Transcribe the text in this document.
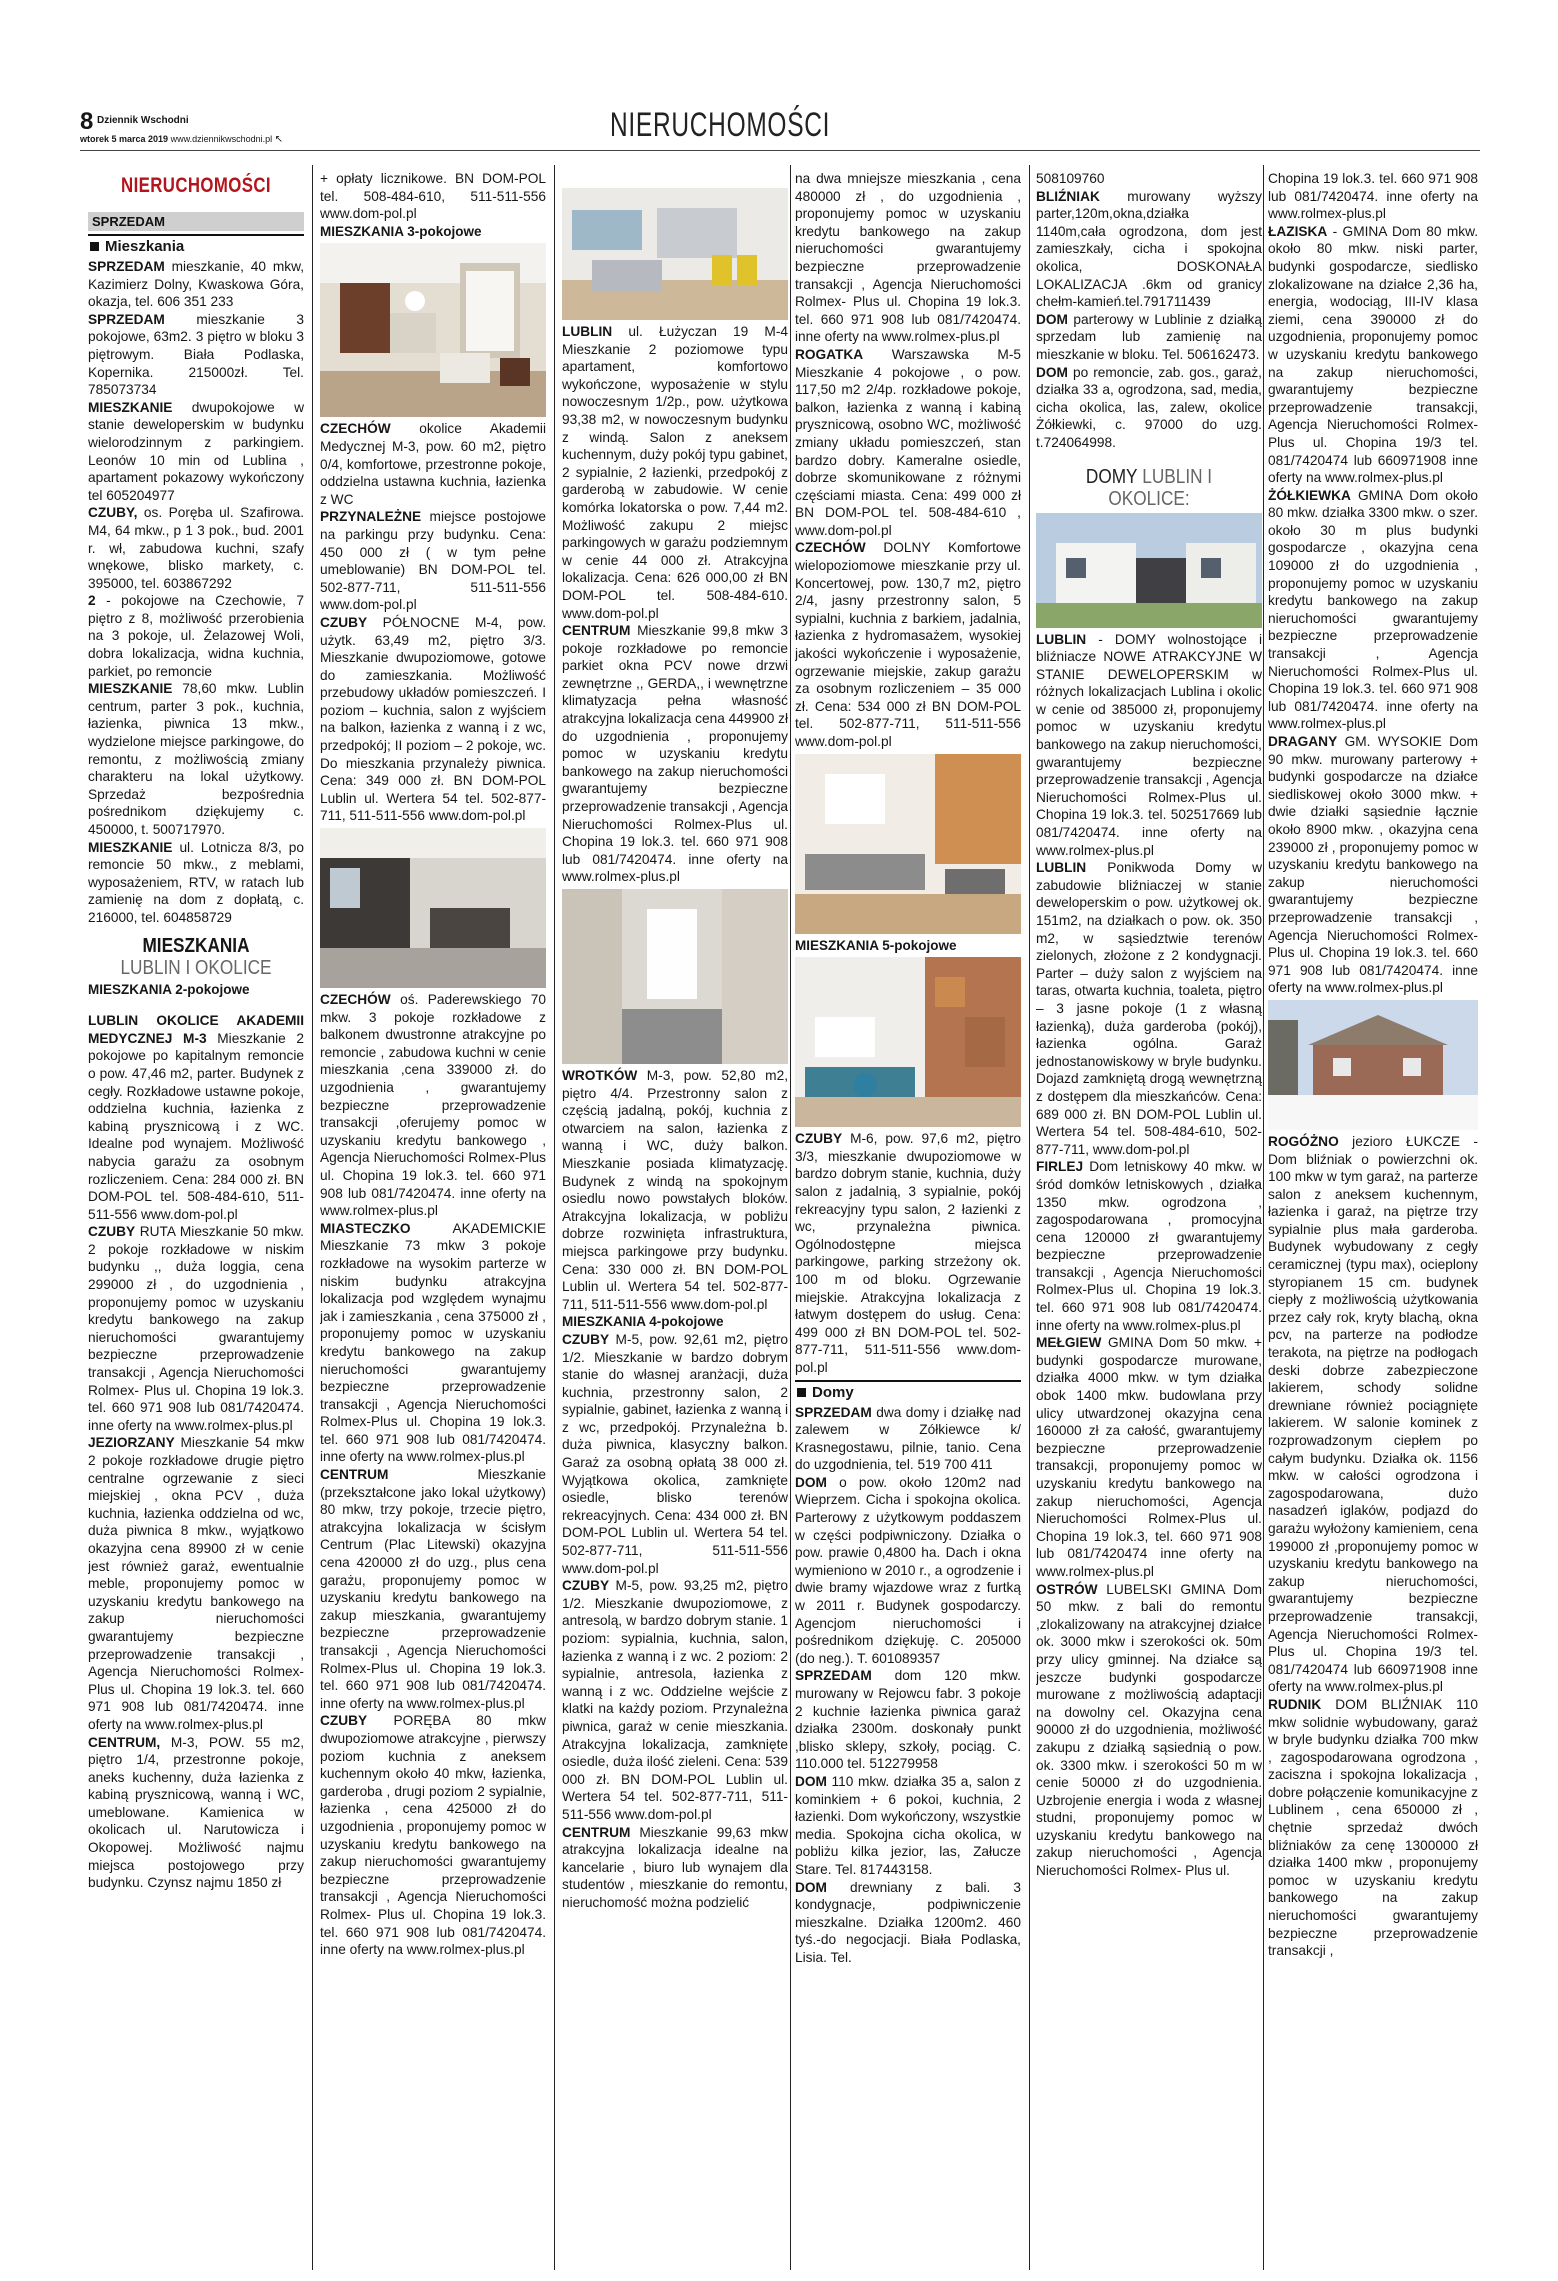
8 Dziennik Wschodni
wtorek 5 marca 2019 www.dziennikwschodni.pl ↖	NIERUCHOMOŚCI
NIERUCHOMOŚCI
SPRZEDAM
Mieszkania
SPRZEDAM mieszkanie, 40 mkw, Kazimierz Dolny, Kwaskowa Góra, okazja, tel. 606 351 233
SPRZEDAM mieszkanie 3 pokojowe, 63m2. 3 piętro w bloku 3 piętrowym. Biała Podlaska, Kopernika. 215000zł. Tel. 785073734
MIESZKANIE dwupokojowe w stanie deweloperskim w budynku wielorodzinnym z parkingiem. Leonów 10 min od Lublina , apartament pokazowy wykończony tel 605204977
CZUBY, os. Poręba ul. Szafirowa. M4, 64 mkw., p 1 3 pok., bud. 2001 r. wł, zabudowa kuchni, szafy wnękowe, blisko markety, c. 395000, tel. 603867292
2 - pokojowe na Czechowie, 7 piętro z 8, możliwość przerobienia na 3 pokoje, ul. Żelazowej Woli, dobra lokalizacja, widna kuchnia, parkiet, po remoncie
MIESZKANIE 78,60 mkw. Lublin centrum, parter 3 pok., kuchnia, łazienka, piwnica 13 mkw., wydzielone miejsce parkingowe, do remontu, z możliwością zmiany charakteru na lokal użytkowy. Sprzedaż bezpośrednia pośrednikom dziękujemy c. 450000, t. 500717970.
MIESZKANIE ul. Lotnicza 8/3, po remoncie 50 mkw., z meblami, wyposażeniem, RTV, w ratach lub zamienię na dom z dopłatą, c. 216000, tel. 604858729
MIESZKANIA
LUBLIN I OKOLICE
MIESZKANIA 2-pokojowe
LUBLIN OKOLICE AKADEMII MEDYCZNEJ M-3 Mieszkanie 2 pokojowe po kapitalnym remoncie o pow. 47,46 m2, parter. Budynek z cegły. Rozkładowe ustawne pokoje, oddzielna kuchnia, łazienka z kabiną prysznicową i z WC. Idealne pod wynajem. Możliwość nabycia garażu za osobnym rozliczeniem. Cena: 284 000 zł. BN DOM-POL tel. 508-484-610, 511-511-556 www.dom-pol.pl
CZUBY RUTA Mieszkanie 50 mkw. 2 pokoje rozkładowe w niskim budynku ,, duża loggia, cena 299000 zł , do uzgodnienia , proponujemy pomoc w uzyskaniu kredytu bankowego na zakup nieruchomości gwarantujemy bezpieczne przeprowadzenie transakcji , Agencja Nieruchomości Rolmex- Plus ul. Chopina 19 lok.3. tel. 660 971 908 lub 081/7420474. inne oferty na www.rolmex-plus.pl
JEZIORZANY Mieszkanie 54 mkw 2 pokoje rozkładowe drugie piętro centralne ogrzewanie z sieci miejskiej , okna PCV , duża kuchnia, łazienka oddzielna od wc, duża piwnica 8 mkw., wyjątkowo okazyjna cena 89900 zł w cenie jest również garaż, ewentualnie meble, proponujemy pomoc w uzyskaniu kredytu bankowego na zakup nieruchomości gwarantujemy bezpieczne przeprowadzenie transakcji , Agencja Nieruchomości Rolmex- Plus ul. Chopina 19 lok.3. tel. 660 971 908 lub 081/7420474. inne oferty na www.rolmex-plus.pl
CENTRUM, M-3, POW. 55 m2, piętro 1/4, przestronne pokoje, aneks kuchenny, duża łazienka z kabiną prysznicową, wanną i WC, umeblowane. Kamienica w okolicach ul. Narutowicza i Okopowej. Możliwość najmu miejsca postojowego przy budynku. Czynsz najmu 1850 zł
+ opłaty licznikowe. BN DOM-POL tel. 508-484-610, 511-511-556 www.dom-pol.pl
MIESZKANIA 3-pokojowe
CZECHÓW okolice Akademii Medycznej M-3, pow. 60 m2, piętro 0/4, komfortowe, przestronne pokoje, oddzielna ustawna kuchnia, łazienka z WC
PRZYNALEŻNE miejsce postojowe na parkingu przy budynku. Cena: 450 000 zł ( w tym pełne umeblowanie) BN DOM-POL tel. 502-877-711, 511-511-556 www.dom-pol.pl
CZUBY PÓŁNOCNE M-4, pow. użytk. 63,49 m2, piętro 3/3. Mieszkanie dwupoziomowe, gotowe do zamieszkania. Możliwość przebudowy układów pomieszczeń. I poziom – kuchnia, salon z wyjściem na balkon, łazienka z wanną i z wc, przedpokój; II poziom – 2 pokoje, wc. Do mieszkania przynależy piwnica. Cena: 349 000 zł. BN DOM-POL Lublin ul. Wertera 54 tel. 502-877-711, 511-511-556 www.dom-pol.pl
CZECHÓW oś. Paderewskiego 70 mkw. 3 pokoje rozkładowe z balkonem dwustronne atrakcyjne po remoncie , zabudowa kuchni w cenie mieszkania ,cena 339000 zł. do uzgodnienia , gwarantujemy bezpieczne przeprowadzenie transakcji ,oferujemy pomoc w uzyskaniu kredytu bankowego , Agencja Nieruchomości Rolmex-Plus ul. Chopina 19 lok.3. tel. 660 971 908 lub 081/7420474. inne oferty na www.rolmex-plus.pl
MIASTECZKO AKADEMICKIE Mieszkanie 73 mkw 3 pokoje rozkładowe na wysokim parterze w niskim budynku atrakcyjna lokalizacja pod względem wynajmu jak i zamieszkania , cena 375000 zł , proponujemy pomoc w uzyskaniu kredytu bankowego na zakup nieruchomości gwarantujemy bezpieczne przeprowadzenie transakcji , Agencja Nieruchomości Rolmex-Plus ul. Chopina 19 lok.3. tel. 660 971 908 lub 081/7420474. inne oferty na www.rolmex-plus.pl
CENTRUM Mieszkanie (przekształcone jako lokal użytkowy) 80 mkw, trzy pokoje, trzecie piętro, atrakcyjna lokalizacja w ścisłym Centrum (Plac Litewski) okazyjna cena 420000 zł do uzg., plus cena garażu, proponujemy pomoc w uzyskaniu kredytu bankowego na zakup mieszkania, gwarantujemy bezpieczne przeprowadzenie transakcji , Agencja Nieruchomości Rolmex-Plus ul. Chopina 19 lok.3. tel. 660 971 908 lub 081/7420474. inne oferty na www.rolmex-plus.pl
CZUBY PORĘBA 80 mkw dwupoziomowe atrakcyjne , pierwszy poziom kuchnia z aneksem kuchennym około 40 mkw, łazienka, garderoba , drugi poziom 2 sypialnie, łazienka , cena 425000 zł do uzgodnienia , proponujemy pomoc w uzyskaniu kredytu bankowego na zakup nieruchomości gwarantujemy bezpieczne przeprowadzenie transakcji , Agencja Nieruchomości Rolmex- Plus ul. Chopina 19 lok.3. tel. 660 971 908 lub 081/7420474. inne oferty na www.rolmex-plus.pl
LUBLIN ul. Łużyczan 19 M-4 Mieszkanie 2 poziomowe typu apartament, komfortowo wykończone, wyposażenie w stylu nowoczesnym 1/2p., pow. użytkowa 93,38 m2, w nowoczesnym budynku z windą. Salon z aneksem kuchennym, duży pokój typu gabinet, 2 sypialnie, 2 łazienki, przedpokój z garderobą w zabudowie. W cenie komórka lokatorska o pow. 7,44 m2. Możliwość zakupu 2 miejsc parkingowych w garażu podziemnym w cenie 44 000 zł. Atrakcyjna lokalizacja. Cena: 626 000,00 zł BN DOM-POL tel. 508-484-610. www.dom-pol.pl
CENTRUM Mieszkanie 99,8 mkw 3 pokoje rozkładowe po remoncie parkiet okna PCV nowe drzwi zewnętrzne ,, GERDA,, i wewnętrzne klimatyzacja pełna własność atrakcyjna lokalizacja cena 449900 zł do uzgodnienia , proponujemy pomoc w uzyskaniu kredytu bankowego na zakup nieruchomości gwarantujemy bezpieczne przeprowadzenie transakcji , Agencja Nieruchomości Rolmex-Plus ul. Chopina 19 lok.3. tel. 660 971 908 lub 081/7420474. inne oferty na www.rolmex-plus.pl
WROTKÓW M-3, pow. 52,80 m2, piętro 4/4. Przestronny salon z częścią jadalną, pokój, kuchnia z otwarciem na salon, łazienka z wanną i WC, duży balkon. Mieszkanie posiada klimatyzację. Budynek z windą na spokojnym osiedlu nowo powstałych bloków. Atrakcyjna lokalizacja, w pobliżu dobrze rozwinięta infrastruktura, miejsca parkingowe przy budynku. Cena: 330 000 zł. BN DOM-POL Lublin ul. Wertera 54 tel. 502-877-711, 511-511-556 www.dom-pol.pl
MIESZKANIA 4-pokojowe
CZUBY M-5, pow. 92,61 m2, piętro 1/2. Mieszkanie w bardzo dobrym stanie do własnej aranżacji, duża kuchnia, przestronny salon, 2 sypialnie, gabinet, łazienka z wanną i z wc, przedpokój. Przynależna b. duża piwnica, klasyczny balkon. Garaż za osobną opłatą 38 000 zł. Wyjątkowa okolica, zamknięte osiedle, blisko terenów rekreacyjnych. Cena: 434 000 zł. BN DOM-POL Lublin ul. Wertera 54 tel. 502-877-711, 511-511-556 www.dom-pol.pl
CZUBY M-5, pow. 93,25 m2, piętro 1/2. Mieszkanie dwupoziomowe, z antresolą, w bardzo dobrym stanie. 1 poziom: sypialnia, kuchnia, salon, łazienka z wanną i z wc. 2 poziom: 2 sypialnie, antresola, łazienka z wanną i z wc. Oddzielne wejście z klatki na każdy poziom. Przynależna piwnica, garaż w cenie mieszkania. Atrakcyjna lokalizacja, zamknięte osiedle, duża ilość zieleni. Cena: 539 000 zł. BN DOM-POL Lublin ul. Wertera 54 tel. 502-877-711, 511-511-556 www.dom-pol.pl
CENTRUM Mieszkanie 99,63 mkw atrakcyjna lokalizacja idealne na kancelarie , biuro lub wynajem dla studentów , mieszkanie do remontu, nieruchomość można podzielić
na dwa mniejsze mieszkania , cena 480000 zł , do uzgodnienia , proponujemy pomoc w uzyskaniu kredytu bankowego na zakup nieruchomości gwarantujemy bezpieczne przeprowadzenie transakcji , Agencja Nieruchomości Rolmex- Plus ul. Chopina 19 lok.3. tel. 660 971 908 lub 081/7420474. inne oferty na www.rolmex-plus.pl
ROGATKA Warszawska M-5 Mieszkanie 4 pokojowe , o pow. 117,50 m2 2/4p. rozkładowe pokoje, balkon, łazienka z wanną i kabiną prysznicową, osobno WC, możliwość zmiany układu pomieszczeń, stan bardzo dobry. Kameralne osiedle, dobrze skomunikowane z różnymi częściami miasta. Cena: 499 000 zł BN DOM-POL tel. 508-484-610 , www.dom-pol.pl
CZECHÓW DOLNY Komfortowe wielopoziomowe mieszkanie przy ul. Koncertowej, pow. 130,7 m2, piętro 2/4, jasny przestronny salon, 5 sypialni, kuchnia z barkiem, jadalnia, łazienka z hydromasażem, wysokiej jakości wykończenie i wyposażenie, ogrzewanie miejskie, zakup garażu za osobnym rozliczeniem – 35 000 zł. Cena: 534 000 zł BN DOM-POL tel. 502-877-711, 511-511-556 www.dom-pol.pl
MIESZKANIA 5-pokojowe
CZUBY M-6, pow. 97,6 m2, piętro 3/3, mieszkanie dwupoziomowe w bardzo dobrym stanie, kuchnia, duży salon z jadalnią, 3 sypialnie, pokój rekreacyjny typu salon, 2 łazienki z wc, przynależna piwnica. Ogólnodostępne miejsca parkingowe, parking strzeżony ok. 100 m od bloku. Ogrzewanie miejskie. Atrakcyjna lokalizacja z łatwym dostępem do usług. Cena: 499 000 zł BN DOM-POL tel. 502-877-711, 511-511-556 www.dom-pol.pl
Domy
SPRZEDAM dwa domy i działkę nad zalewem w Zółkiewce k/ Krasnegostawu, pilnie, tanio. Cena do uzgodnienia, tel. 519 700 411
DOM o pow. około 120m2 nad Wieprzem. Cicha i spokojna okolica. Parterowy z użytkowym poddaszem w części podpiwniczony. Działka o pow. prawie 0,4800 ha. Dach i okna wymieniono w 2010 r., a ogrodzenie i dwie bramy wjazdowe wraz z furtką w 2011 r. Budynek gospodarczy. Agencjom nieruchomości i pośrednikom dziękuję. C. 205000 (do neg.). T. 601089357
SPRZEDAM dom 120 mkw. murowany w Rejowcu fabr. 3 pokoje 2 kuchnie łazienka piwnica garaż działka 2300m. doskonały punkt ,blisko sklepy, szkoły, pociąg. C. 110.000 tel. 512279958
DOM 110 mkw. działka 35 a, salon z kominkiem + 6 pokoi, kuchnia, 2 łazienki. Dom wykończony, wszystkie media. Spokojna cicha okolica, w pobliżu kilka jezior, las, Załucze Stare. Tel. 817443158.
DOM drewniany z bali. 3 kondygnacje, podpiwniczenie mieszkalne. Działka 1200m2. 460 tyś.-do negocjacji. Biała Podlaska, Lisia. Tel.
508109760
BLIŹNIAK murowany wyższy parter,120m,okna,działka 1140m,cała ogrodzona, dom jest zamieszkały, cicha i spokojna okolica, DOSKONAŁA LOKALIZACJA .6km od granicy chełm-kamień.tel.791711439
DOM parterowy w Lublinie z działką sprzedam lub zamienię na mieszkanie w bloku. Tel. 506162473.
DOM po remoncie, zab. gos., garaż, działka 33 a, ogrodzona, sad, media, cicha okolica, las, zalew, okolice Żółkiewki, c. 97000 do uzg. t.724064998.
DOMY LUBLIN I
OKOLICE:
LUBLIN - DOMY wolnostojące i bliźniacze NOWE ATRAKCYJNE W STANIE DEWELOPERSKIM w różnych lokalizacjach Lublina i okolic w cenie od 385000 zł, proponujemy pomoc w uzyskaniu kredytu bankowego na zakup nieruchomości, gwarantujemy bezpieczne przeprowadzenie transakcji , Agencja Nieruchomości Rolmex-Plus ul. Chopina 19 lok.3. tel. 502517669 lub 081/7420474. inne oferty na www.rolmex-plus.pl
LUBLIN Ponikwoda Domy w zabudowie bliźniaczej w stanie deweloperskim o pow. użytkowej ok. 151m2, na działkach o pow. ok. 350 m2, w sąsiedztwie terenów zielonych, złożone z 2 kondygnacji. Parter – duży salon z wyjściem na taras, otwarta kuchnia, toaleta, piętro – 3 jasne pokoje (1 z własną łazienką), duża garderoba (pokój), łazienka ogólna. Garaż jednostanowiskowy w bryle budynku. Dojazd zamkniętą drogą wewnętrzną z dostępem dla mieszkańców. Cena: 689 000 zł. BN DOM-POL Lublin ul. Wertera 54 tel. 508-484-610, 502-877-711, www.dom-pol.pl
FIRLEJ Dom letniskowy 40 mkw. w śród domków letniskowych , działka 1350 mkw. ogrodzona , zagospodarowana , promocyjna cena 120000 zł gwarantujemy bezpieczne przeprowadzenie transakcji , Agencja Nieruchomości Rolmex-Plus ul. Chopina 19 lok.3. tel. 660 971 908 lub 081/7420474. inne oferty na www.rolmex-plus.pl
MEŁGIEW GMINA Dom 50 mkw. + budynki gospodarcze murowane, działka 4000 mkw. w tym działka obok 1400 mkw. budowlana przy ulicy utwardzonej okazyjna cena 160000 zł za całość, gwarantujemy bezpieczne przeprowadzenie transakcji, proponujemy pomoc w uzyskaniu kredytu bankowego na zakup nieruchomości, Agencja Nieruchomości Rolmex-Plus ul. Chopina 19 lok.3, tel. 660 971 908 lub 081/7420474 inne oferty na www.rolmex-plus.pl
OSTRÓW LUBELSKI GMINA Dom 50 mkw. z bali do remontu ,zlokalizowany na atrakcyjnej działce ok. 3000 mkw i szerokości ok. 50m przy ulicy gminnej. Na działce są jeszcze budynki gospodarcze murowane z możliwością adaptacji na dowolny cel. Okazyjna cena 90000 zł do uzgodnienia, możliwość zakupu z działką sąsiednią o pow. ok. 3300 mkw. i szerokości 50 m w cenie 50000 zł do uzgodnienia. Uzbrojenie energia i woda z własnej studni, proponujemy pomoc w uzyskaniu kredytu bankowego na zakup nieruchomości , Agencja Nieruchomości Rolmex- Plus ul.
Chopina 19 lok.3. tel. 660 971 908 lub 081/7420474. inne oferty na www.rolmex-plus.pl
ŁAZISKA - GMINA Dom 80 mkw. około 80 mkw. niski parter, budynki gospodarcze, siedlisko zlokalizowane na działce 2,36 ha, energia, wodociąg, III-IV klasa ziemi, cena 390000 zł do uzgodnienia, proponujemy pomoc w uzyskaniu kredytu bankowego na zakup nieruchomości, gwarantujemy bezpieczne przeprowadzenie transakcji, Agencja Nieruchomości Rolmex-Plus ul. Chopina 19/3 tel. 081/7420474 lub 660971908 inne oferty na www.rolmex-plus.pl
ŻÓŁKIEWKA GMINA Dom około 80 mkw. działka 3300 mkw. o szer. około 30 m plus budynki gospodarcze , okazyjna cena 109000 zł do uzgodnienia , proponujemy pomoc w uzyskaniu kredytu bankowego na zakup nieruchomości gwarantujemy bezpieczne przeprowadzenie transakcji , Agencja Nieruchomości Rolmex-Plus ul. Chopina 19 lok.3. tel. 660 971 908 lub 081/7420474. inne oferty na www.rolmex-plus.pl
DRAGANY GM. WYSOKIE Dom 90 mkw. murowany parterowy + budynki gospodarcze na działce siedliskowej około 3000 mkw. + dwie działki sąsiednie łącznie około 8900 mkw. , okazyjna cena 239000 zł , proponujemy pomoc w uzyskaniu kredytu bankowego na zakup nieruchomości gwarantujemy bezpieczne przeprowadzenie transakcji , Agencja Nieruchomości Rolmex- Plus ul. Chopina 19 lok.3. tel. 660 971 908 lub 081/7420474. inne oferty na www.rolmex-plus.pl
ROGÓŻNO jezioro ŁUKCZE - Dom bliźniak o powierzchni ok. 100 mkw w tym garaż, na parterze salon z aneksem kuchennym, łazienka i garaż, na piętrze trzy sypialnie plus mała garderoba. Budynek wybudowany z cegły ceramicznej (typu max), ocieplony styropianem 15 cm. budynek ciepły z możliwością użytkowania przez cały rok, kryty blachą, okna pcv, na parterze na podłodze terakota, na piętrze na podłogach deski dobrze zabezpieczone lakierem, schody solidne drewniane również pociągnięte lakierem. W salonie kominek z rozprowadzonym ciepłem po całym budynku. Działka ok. 1156 mkw. w całości ogrodzona i zagospodarowana, dużo nasadzeń iglaków, podjazd do garażu wyłożony kamieniem, cena 199000 zł ,proponujemy pomoc w uzyskaniu kredytu bankowego na zakup nieruchomości, gwarantujemy bezpieczne przeprowadzenie transakcji, Agencja Nieruchomości Rolmex-Plus ul. Chopina 19/3 tel. 081/7420474 lub 660971908 inne oferty na www.rolmex-plus.pl
RUDNIK DOM BLIŹNIAK 110 mkw solidnie wybudowany, garaż w bryle budynku działka 700 mkw , zagospodarowana ogrodzona , zaciszna i spokojna lokalizacja , dobre połączenie komunikacyjne z Lublinem , cena 650000 zł , chętnie sprzedaż dwóch bliźniaków za cenę 1300000 zł działka 1400 mkw , proponujemy pomoc w uzyskaniu kredytu bankowego na zakup nieruchomości gwarantujemy bezpieczne przeprowadzenie transakcji ,
